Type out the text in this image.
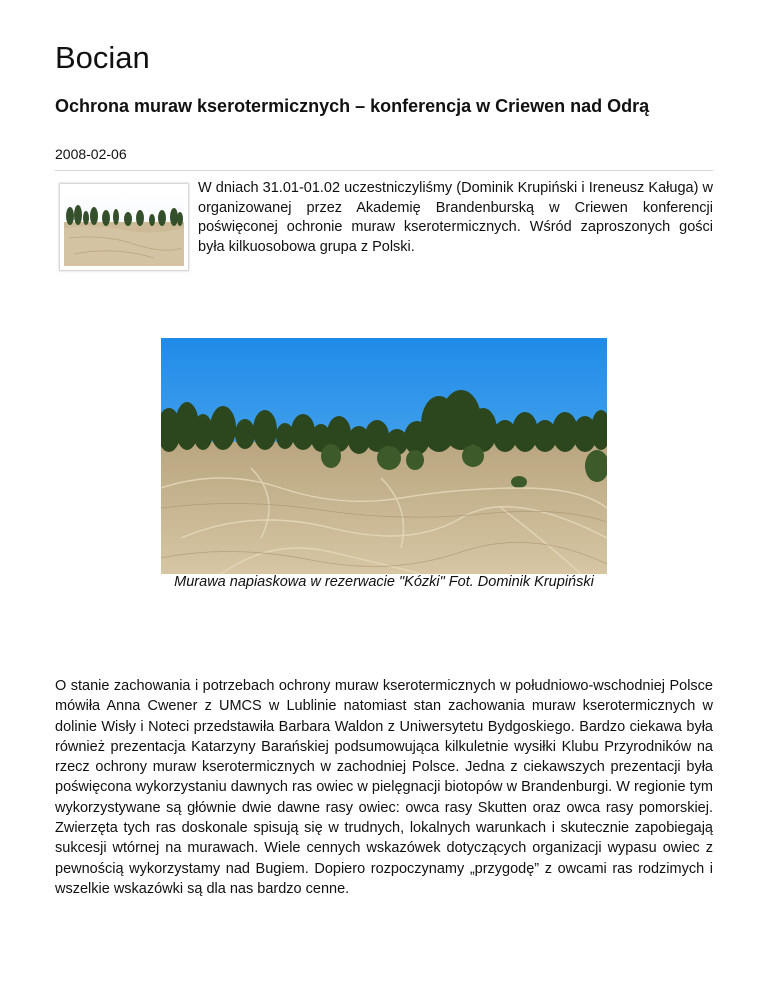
Bocian
Ochrona muraw kserotermicznych – konferencja w Criewen nad Odrą
2008-02-06

W dniach 31.01-01.02 uczestniczyliśmy (Dominik Krupiński i Ireneusz Kaługa) w organizowanej przez Akademię Brandenburską w Criewen konferencji poświęconej ochronie muraw kserotermicznych. Wśród zaproszonych gości była kilkuosobowa grupa z Polski.

Murawa napiaskowa w rezerwacie "Kózki" Fot. Dominik Krupiński

O stanie zachowania i potrzebach ochrony muraw kserotermicznych w południowo-wschodniej Polsce mówiła Anna Cwener z UMCS w Lublinie natomiast stan zachowania muraw kserotermicznych w dolinie Wisły i Noteci przedstawiła Barbara Waldon z Uniwersytetu Bydgoskiego. Bardzo ciekawa była również prezentacja Katarzyny Barańskiej podsumowująca kilkuletnie wysiłki Klubu Przyrodników na rzecz ochrony muraw kserotermicznych w zachodniej Polsce. Jedna z ciekawszych prezentacji była poświęcona wykorzystaniu dawnych ras owiec w pielęgnacji biotopów w Brandenburgi. W regionie tym wykorzystywane są głównie dwie dawne rasy owiec: owca rasy Skutten oraz owca rasy pomorskiej. Zwierzęta tych ras doskonale spisują się w trudnych, lokalnych warunkach i skutecznie zapobiegają sukcesji wtórnej na murawach. Wiele cennych wskazówek dotyczących organizacji wypasu owiec z pewnością wykorzystamy nad Bugiem. Dopiero rozpoczynamy „przygodę” z owcami ras rodzimych i wszelkie wskazówki są dla nas bardzo cenne.
